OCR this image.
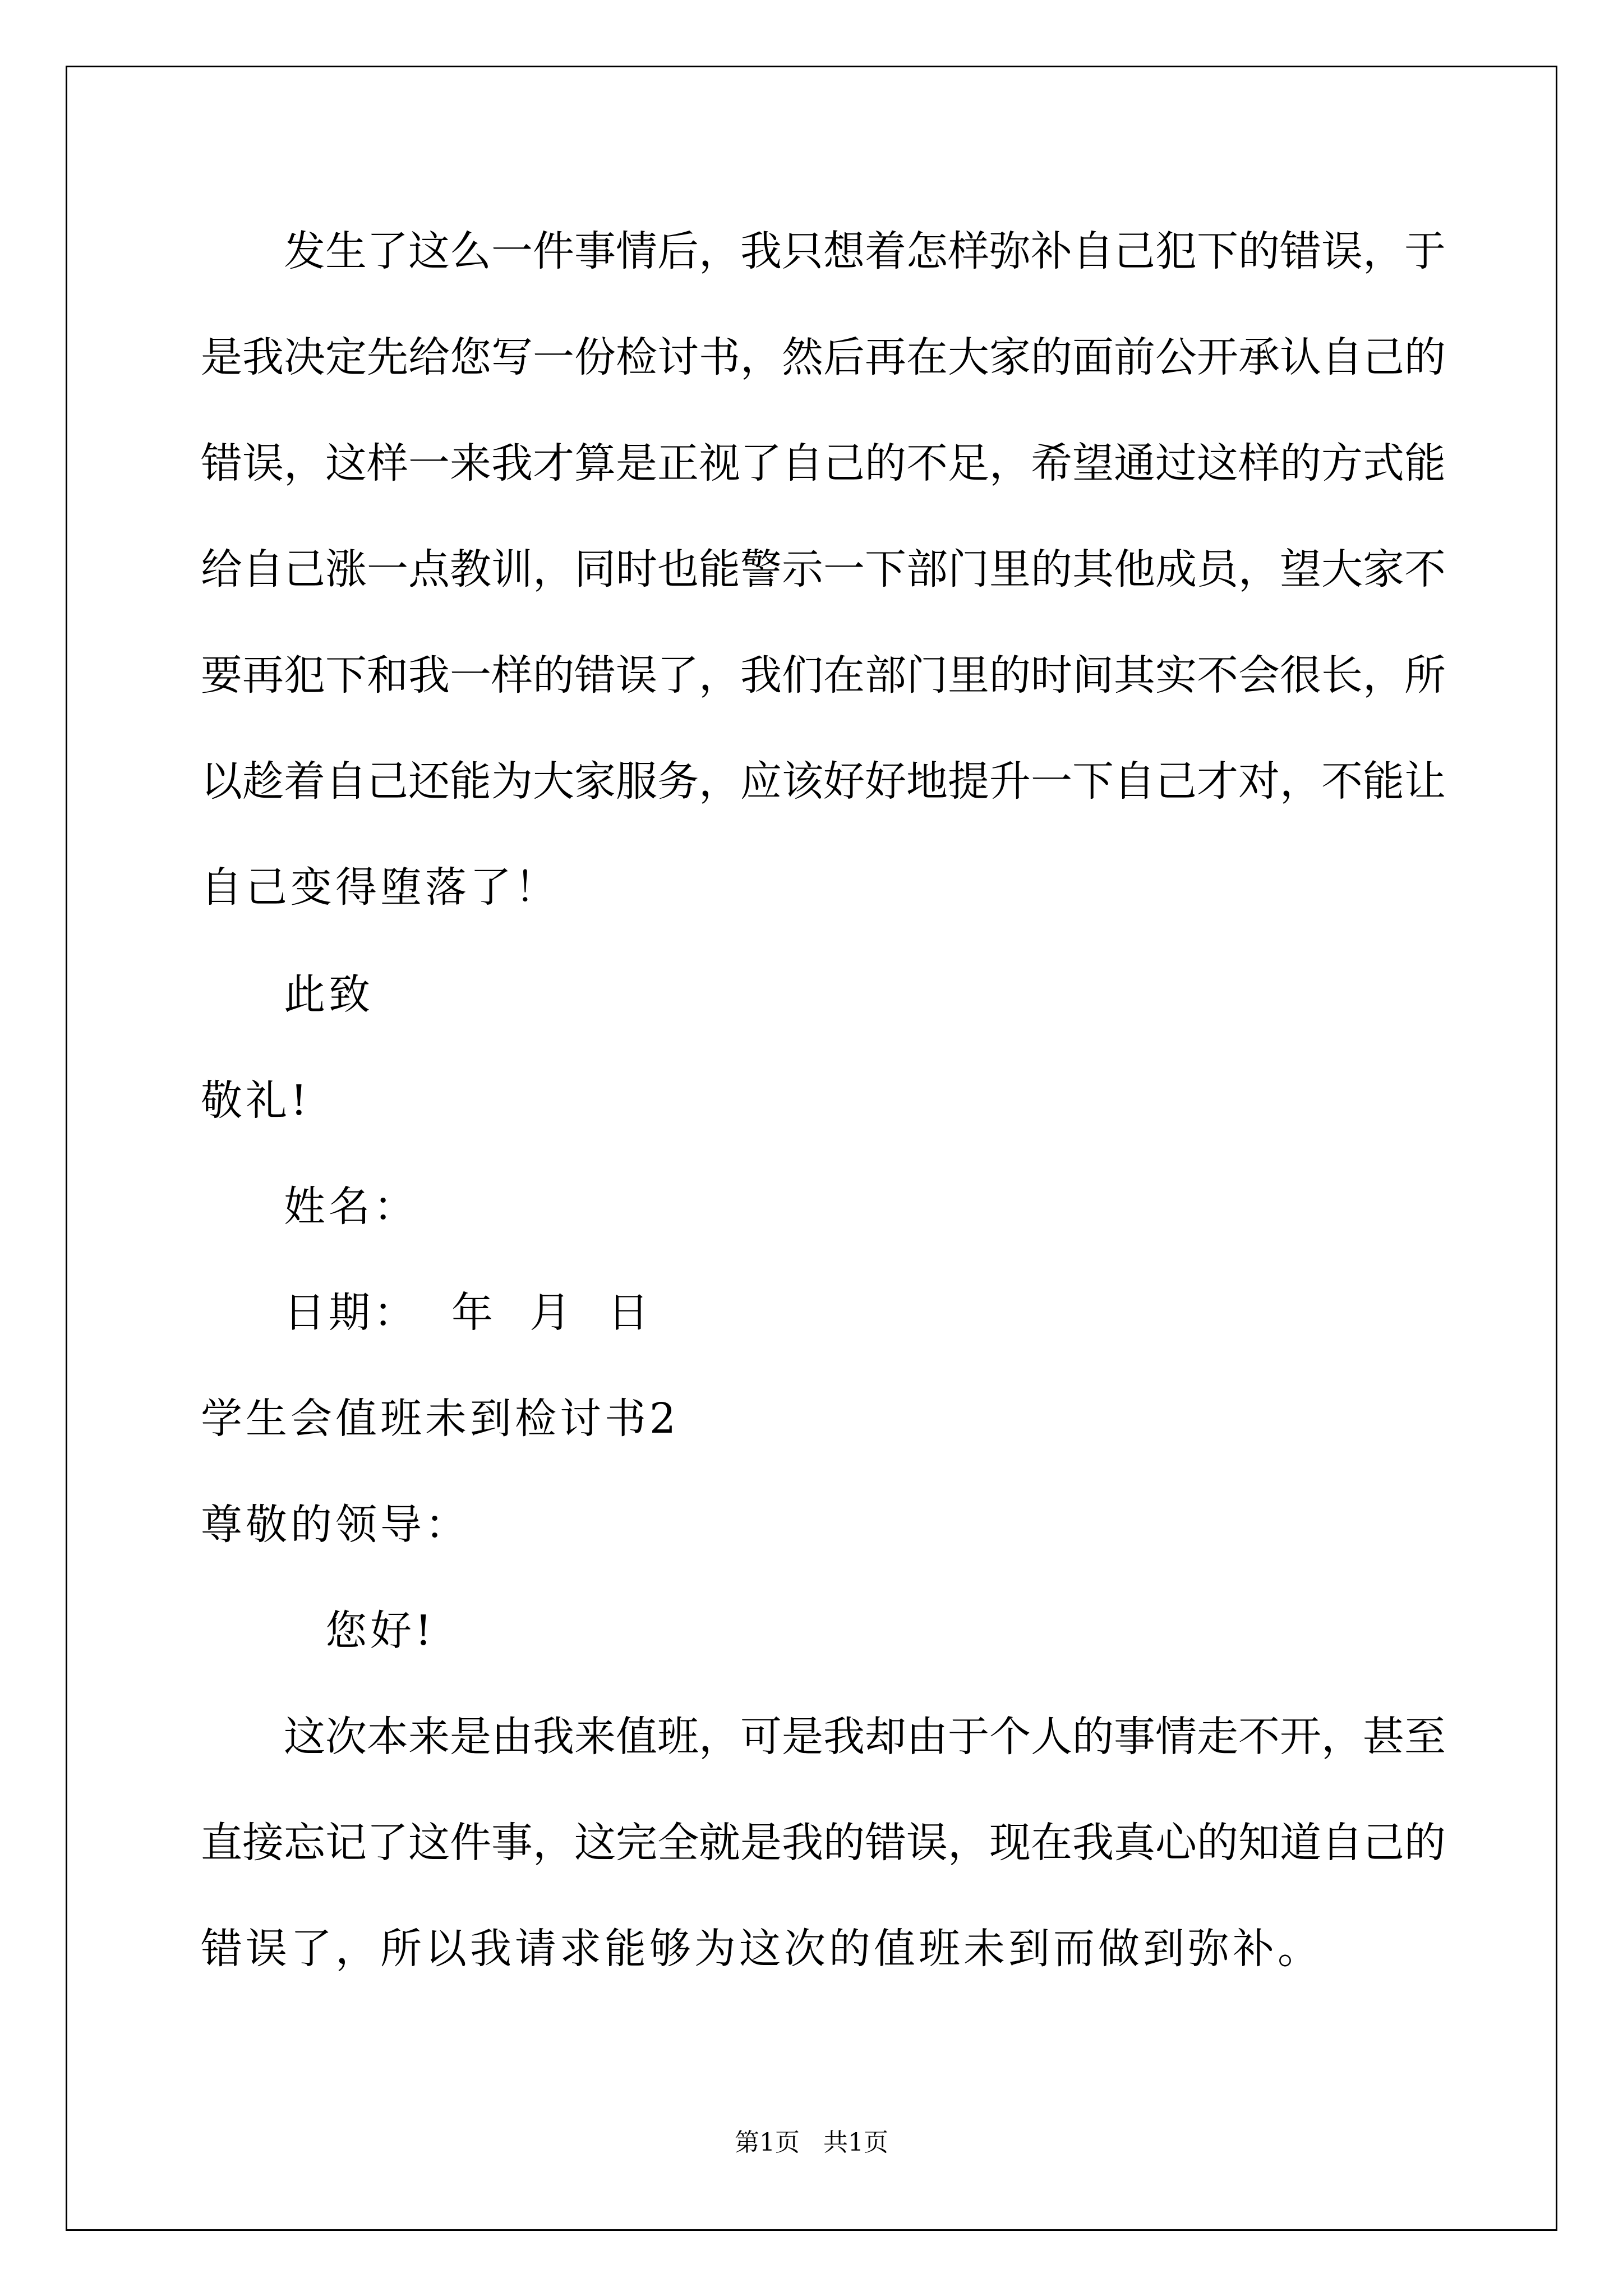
发生了这么一件事情后，我只想着怎样弥补自己犯下的错误，于
是我决定先给您写一份检讨书，然后再在大家的面前公开承认自己的
错误，这样一来我才算是正视了自己的不足，希望通过这样的方式能
给自己涨一点教训，同时也能警示一下部门里的其他成员，望大家不
要再犯下和我一样的错误了，我们在部门里的时间其实不会很长，所
以趁着自己还能为大家服务，应该好好地提升一下自己才对，不能让
自己变得堕落了！
此致
敬礼!
姓名：
日期：  年  月  日
学生会值班未到检讨书2
尊敬的领导：
您好!
这次本来是由我来值班，可是我却由于个人的事情走不开，甚至
直接忘记了这件事，这完全就是我的错误，现在我真心的知道自己的
错误了，所以我请求能够为这次的值班未到而做到弥补。
第1页 共1页
